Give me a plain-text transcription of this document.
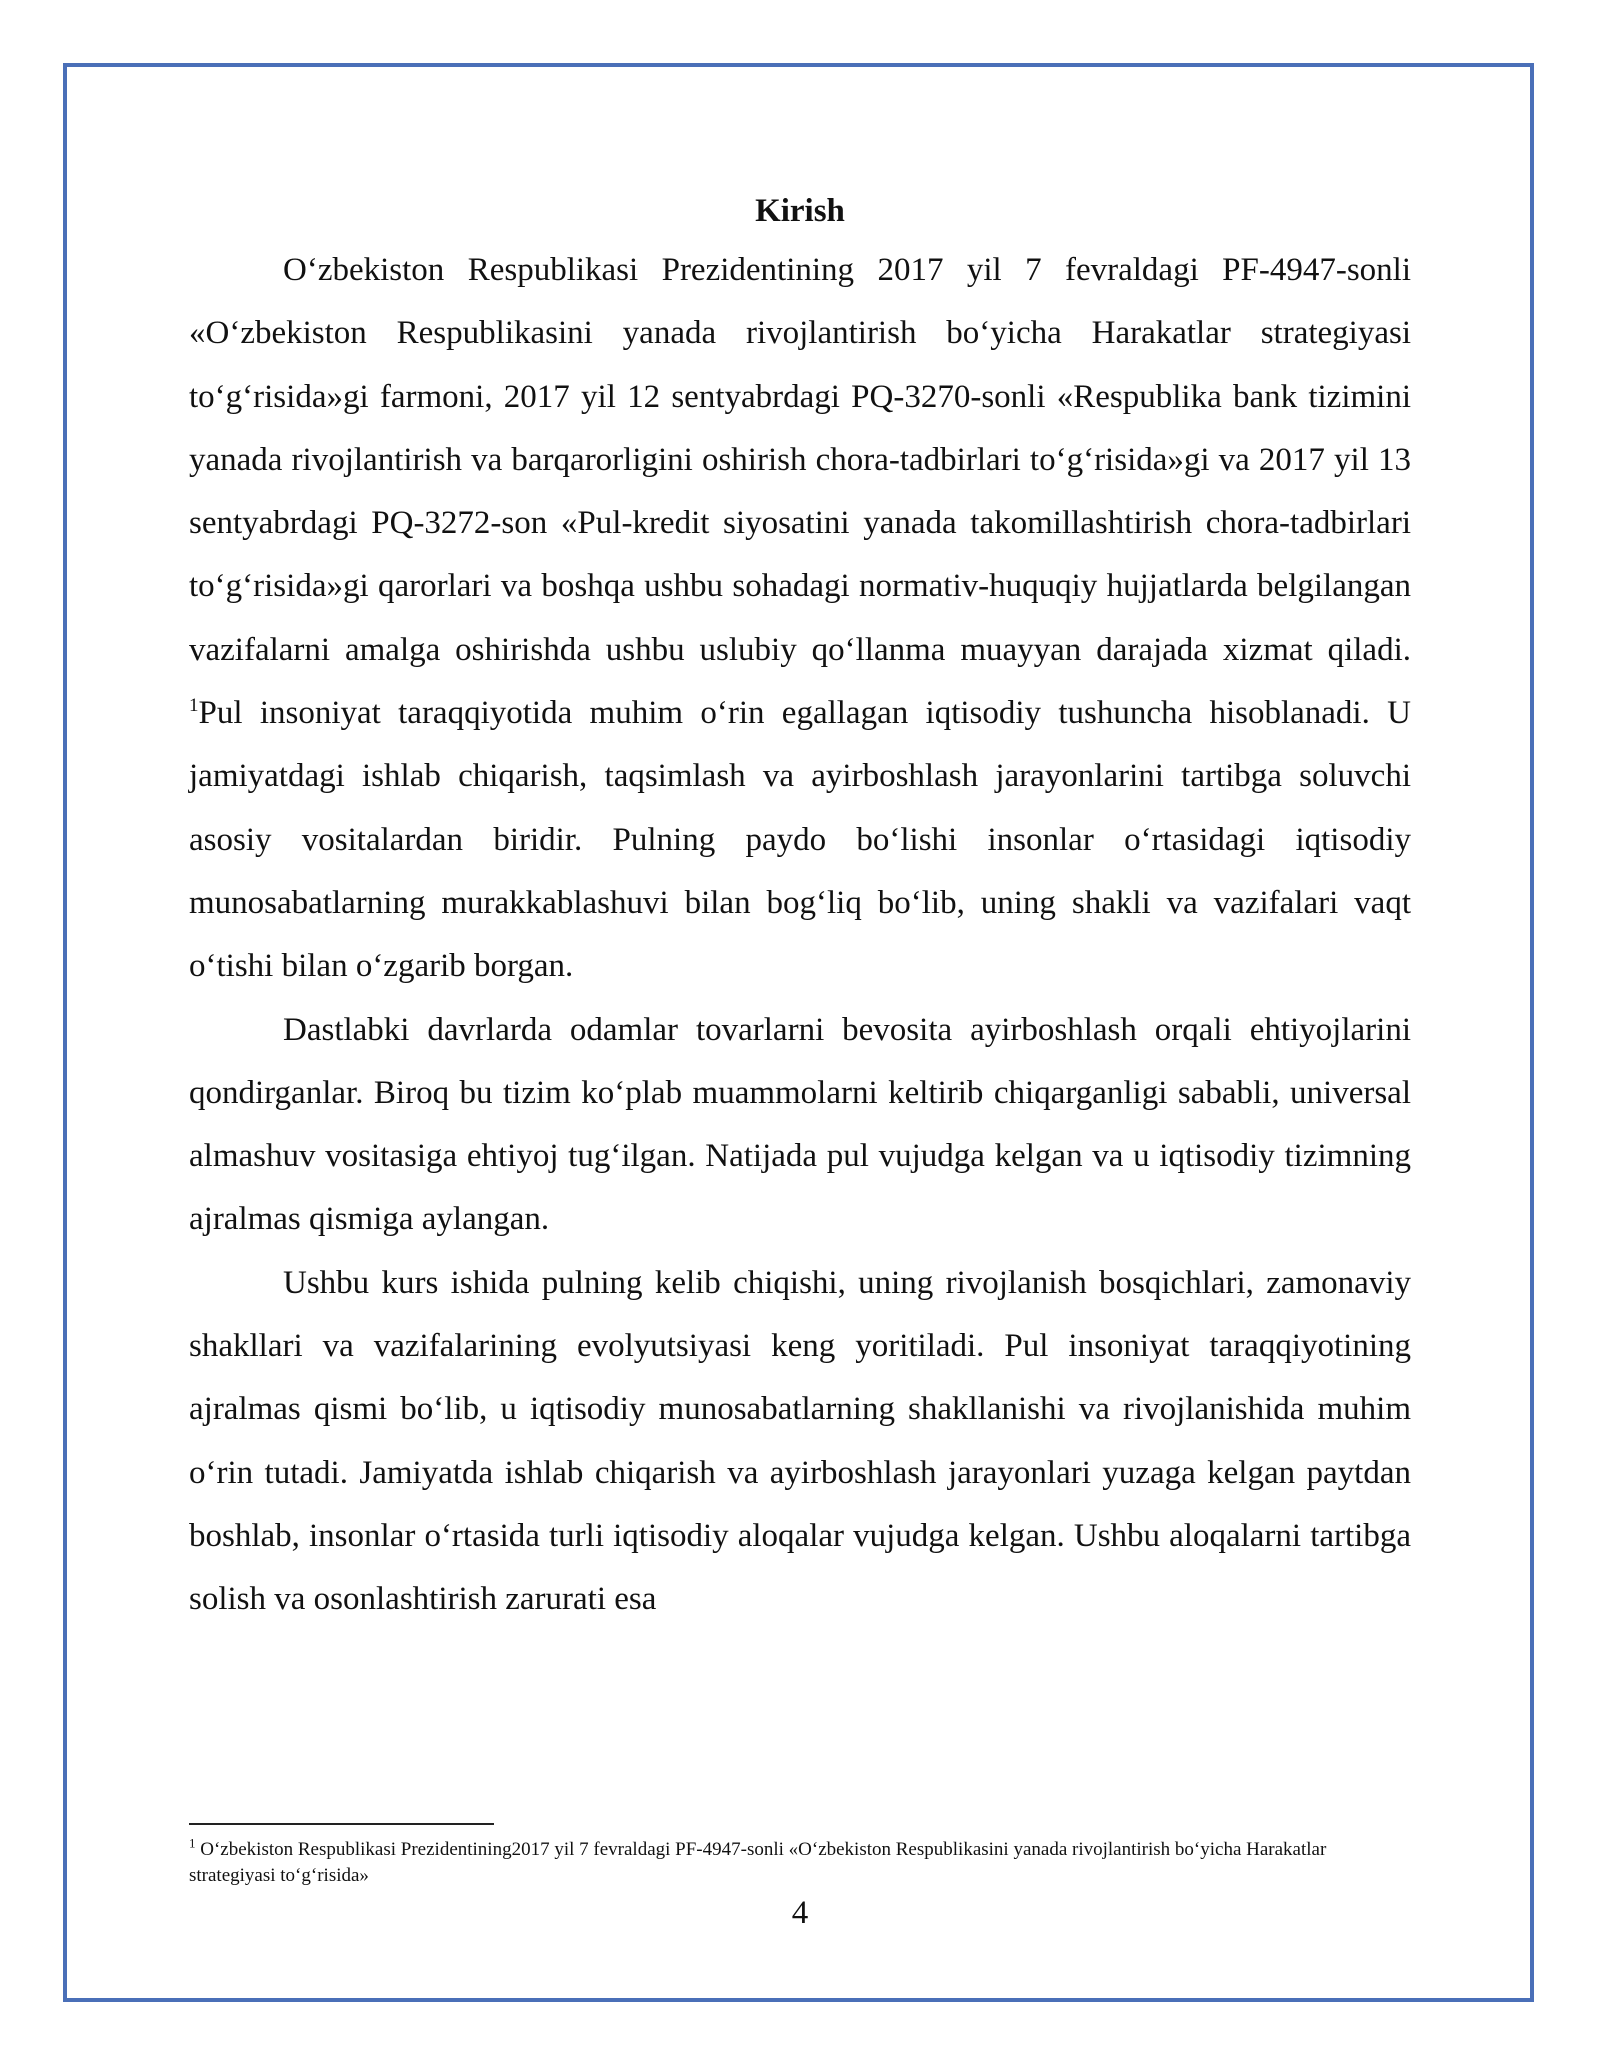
Kirish

O‘zbekiston Respublikasi Prezidentining 2017 yil 7 fevraldagi PF-4947-sonli «O‘zbekiston Respublikasini yanada rivojlantirish bo‘yicha Harakatlar strategiyasi to‘g‘risida»gi farmoni, 2017 yil 12 sentyabrdagi PQ-3270-sonli «Respublika bank tizimini yanada rivojlantirish va barqarorligini oshirish chora-tadbirlari to‘g‘risida»gi va 2017 yil 13 sentyabrdagi PQ-3272-son «Pul-kredit siyosatini yanada takomillashtirish chora-tadbirlari to‘g‘risida»gi qarorlari va boshqa ushbu sohadagi normativ-huquqiy hujjatlarda belgilangan vazifalarni amalga oshirishda ushbu uslubiy qo‘llanma muayyan darajada xizmat qiladi. $^1$Pul insoniyat taraqqiyotida muhim o‘rin egallagan iqtisodiy tushuncha hisoblanadi. U jamiyatdagi ishlab chiqarish, taqsimlash va ayirboshlash jarayonlarini tartibga soluvchi asosiy vositalardan biridir. Pulning paydo bo‘lishi insonlar o‘rtasidagi iqtisodiy munosabatlarning murakkablashuvi bilan bog‘liq bo‘lib, uning shakli va vazifalari vaqt o‘tishi bilan o‘zgarib borgan.

Dastlabki davrlarda odamlar tovarlarni bevosita ayirboshlash orqali ehtiyojlarini qondirganlar. Biroq bu tizim ko‘plab muammolarni keltirib chiqarganligi sababli, universal almashuv vositasiga ehtiyoj tug‘ilgan. Natijada pul vujudga kelgan va u iqtisodiy tizimning ajralmas qismiga aylangan.

Ushbu kurs ishida pulning kelib chiqishi, uning rivojlanish bosqichlari, zamonaviy shakllari va vazifalarining evolyutsiyasi keng yoritiladi. Pul insoniyat taraqqiyotining ajralmas qismi bo‘lib, u iqtisodiy munosabatlarning shakllanishi va rivojlanishida muhim o‘rin tutadi. Jamiyatda ishlab chiqarish va ayirboshlash jarayonlari yuzaga kelgan paytdan boshlab, insonlar o‘rtasida turli iqtisodiy aloqalar vujudga kelgan. Ushbu aloqalarni tartibga solish va osonlashtirish zarurati esa

$^1$ O‘zbekiston Respublikasi Prezidentining2017 yil 7 fevraldagi PF-4947-sonli «O‘zbekiston Respublikasini yanada rivojlantirish bo‘yicha Harakatlar strategiyasi to‘g‘risida»

4
